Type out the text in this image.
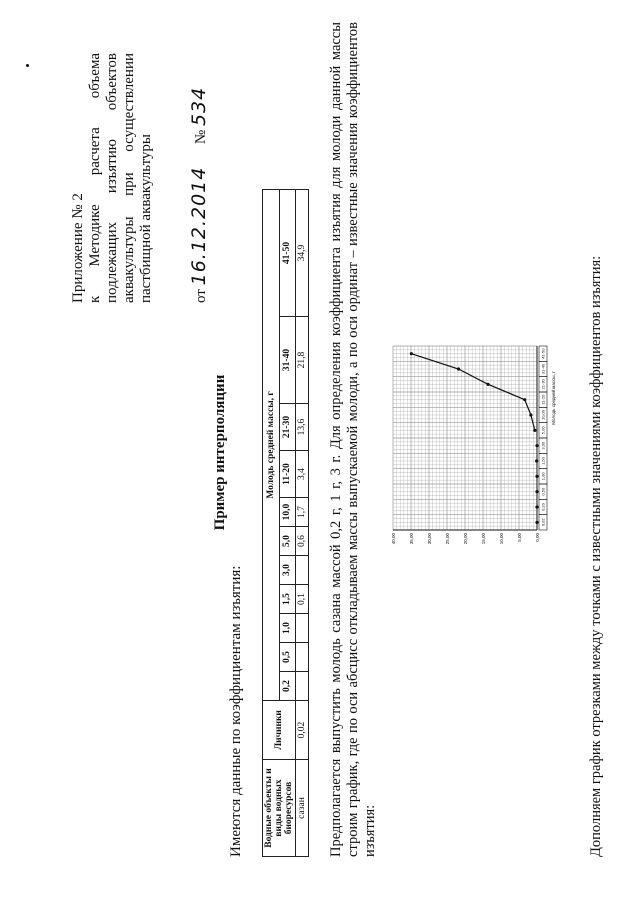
Приложение № 2 к Методике расчета объема подлежащих изъятию объектов аквакультуры при осуществлении пастбищной аквакультуры	от 16.12.2014      № 534
Пример интерполяции
Имеются данные по коэффициентам изъятия: Водные объекты и виды водных биоресурсов	Личинки	Молодь средней массы, г										
		0,2	0,5	1,0	1,5	3,0	5,0	10,0	11-20	21-30	31-40	41-50
сазан	0,02				0,1		0,6	1,7	3,4	13,6	21,8	34,9 Предполагается выпустить молодь сазана массой 0,2 г, 1 г, 3 г. Для определения коэффициента изъятия для молоди данной массы строим график, где по оси абсцисс откладываем массы выпускаемой молоди, а по оси ординат – известные значения коэффициентов изъятия:
0,00
5,00
10,00
15,00
20,00
25,00
30,00
35,00
40,00
0,02
0,20
0,50
1,00
1,50
3,00
5,00
10,00
11-20
21-30
31-40
41-50
Молодь средней массы, г Дополняем график отрезками между точками с известными значениями коэффициентов изъятия:
